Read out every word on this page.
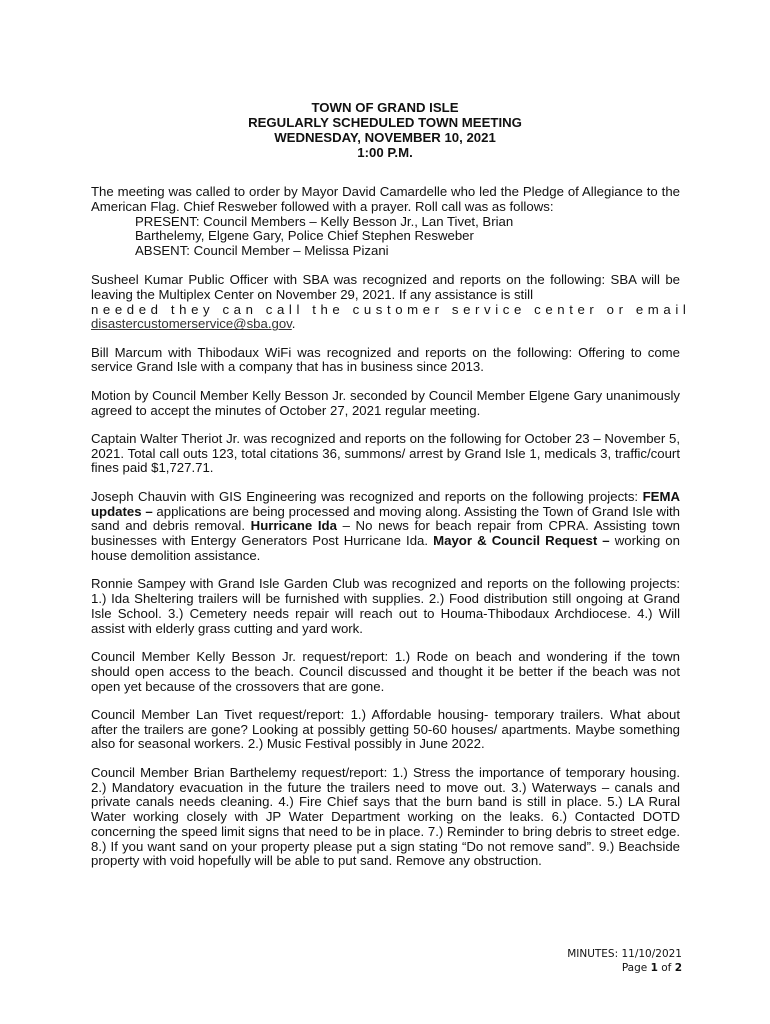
TOWN OF GRAND ISLE
REGULARLY SCHEDULED TOWN MEETING
WEDNESDAY, NOVEMBER 10, 2021
1:00 P.M.

The meeting was called to order by Mayor David Camardelle who led the Pledge of Allegiance to the American Flag. Chief Resweber followed with a prayer. Roll call was as follows:
PRESENT: Council Members – Kelly Besson Jr., Lan Tivet, Brian
Barthelemy, Elgene Gary, Police Chief Stephen Resweber
ABSENT: Council Member – Melissa Pizani

Susheel Kumar Public Officer with SBA was recognized and reports on the following: SBA will be leaving the Multiplex Center on November 29, 2021. If any assistance is still
needed they can call the customer service center or email
disastercustomerservice@sba.gov.

Bill Marcum with Thibodaux WiFi was recognized and reports on the following: Offering to come service Grand Isle with a company that has in business since 2013.

Motion by Council Member Kelly Besson Jr. seconded by Council Member Elgene Gary unanimously agreed to accept the minutes of October 27, 2021 regular meeting.

Captain Walter Theriot Jr. was recognized and reports on the following for October 23 – November 5, 2021. Total call outs 123, total citations 36, summons/ arrest by Grand Isle 1, medicals 3, traffic/court fines paid $1,727.71.

Joseph Chauvin with GIS Engineering was recognized and reports on the following projects: FEMA updates – applications are being processed and moving along. Assisting the Town of Grand Isle with sand and debris removal. Hurricane Ida – No news for beach repair from CPRA. Assisting town businesses with Entergy Generators Post Hurricane Ida. Mayor & Council Request – working on house demolition assistance.

Ronnie Sampey with Grand Isle Garden Club was recognized and reports on the following projects: 1.) Ida Sheltering trailers will be furnished with supplies. 2.) Food distribution still ongoing at Grand Isle School. 3.) Cemetery needs repair will reach out to Houma-Thibodaux Archdiocese. 4.) Will assist with elderly grass cutting and yard work.

Council Member Kelly Besson Jr. request/report: 1.) Rode on beach and wondering if the town should open access to the beach. Council discussed and thought it be better if the beach was not open yet because of the crossovers that are gone.

Council Member Lan Tivet request/report: 1.) Affordable housing- temporary trailers. What about after the trailers are gone? Looking at possibly getting 50-60 houses/ apartments. Maybe something also for seasonal workers. 2.) Music Festival possibly in June 2022.

Council Member Brian Barthelemy request/report: 1.) Stress the importance of temporary housing. 2.) Mandatory evacuation in the future the trailers need to move out. 3.) Waterways – canals and private canals needs cleaning. 4.) Fire Chief says that the burn band is still in place. 5.) LA Rural Water working closely with JP Water Department working on the leaks. 6.) Contacted DOTD concerning the speed limit signs that need to be in place. 7.) Reminder to bring debris to street edge. 8.) If you want sand on your property please put a sign stating “Do not remove sand”. 9.) Beachside property with void hopefully will be able to put sand. Remove any obstruction.

MINUTES: 11/10/2021
Page 1 of 2
